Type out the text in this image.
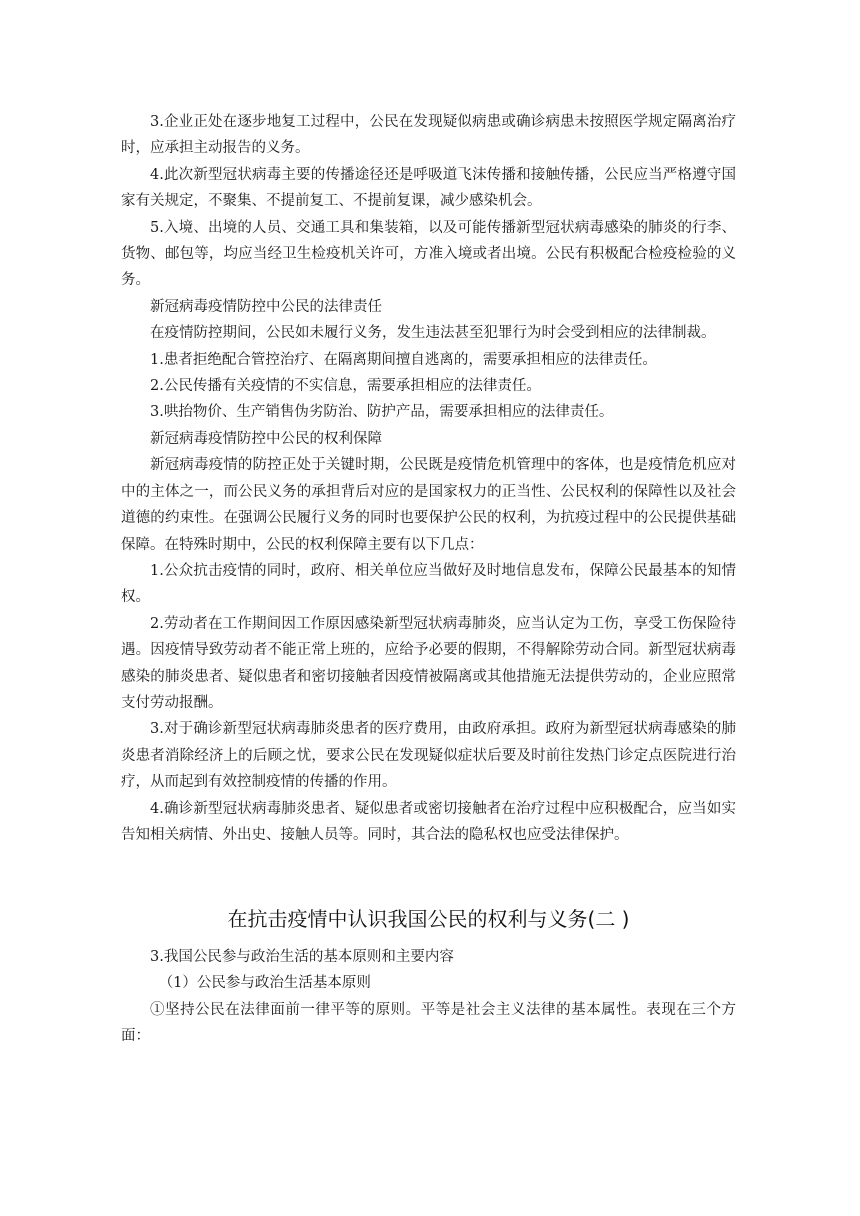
3.企业正处在逐步地复工过程中，公民在发现疑似病患或确诊病患未按照医学规定隔离治疗时，应承担主动报告的义务。

4.此次新型冠状病毒主要的传播途径还是呼吸道飞沫传播和接触传播，公民应当严格遵守国家有关规定，不聚集、不提前复工、不提前复课，减少感染机会。

5.入境、出境的人员、交通工具和集装箱，以及可能传播新型冠状病毒感染的肺炎的行李、货物、邮包等，均应当经卫生检疫机关许可，方准入境或者出境。公民有积极配合检疫检验的义务。

新冠病毒疫情防控中公民的法律责任

在疫情防控期间，公民如未履行义务，发生违法甚至犯罪行为时会受到相应的法律制裁。

1.患者拒绝配合管控治疗、在隔离期间擅自逃离的，需要承担相应的法律责任。

2.公民传播有关疫情的不实信息，需要承担相应的法律责任。

3.哄抬物价、生产销售伪劣防治、防护产品，需要承担相应的法律责任。

新冠病毒疫情防控中公民的权利保障

新冠病毒疫情的防控正处于关键时期，公民既是疫情危机管理中的客体，也是疫情危机应对中的主体之一，而公民义务的承担背后对应的是国家权力的正当性、公民权利的保障性以及社会道德的约束性。在强调公民履行义务的同时也要保护公民的权利，为抗疫过程中的公民提供基础保障。在特殊时期中，公民的权利保障主要有以下几点：

1.公众抗击疫情的同时，政府、相关单位应当做好及时地信息发布，保障公民最基本的知情权。

2.劳动者在工作期间因工作原因感染新型冠状病毒肺炎，应当认定为工伤，享受工伤保险待遇。因疫情导致劳动者不能正常上班的，应给予必要的假期，不得解除劳动合同。新型冠状病毒感染的肺炎患者、疑似患者和密切接触者因疫情被隔离或其他措施无法提供劳动的，企业应照常支付劳动报酬。

3.对于确诊新型冠状病毒肺炎患者的医疗费用，由政府承担。政府为新型冠状病毒感染的肺炎患者消除经济上的后顾之忧，要求公民在发现疑似症状后要及时前往发热门诊定点医院进行治疗，从而起到有效控制疫情的传播的作用。

4.确诊新型冠状病毒肺炎患者、疑似患者或密切接触者在治疗过程中应积极配合，应当如实告知相关病情、外出史、接触人员等。同时，其合法的隐私权也应受法律保护。

在抗击疫情中认识我国公民的权利与义务(二 )

3.我国公民参与政治生活的基本原则和主要内容

（1）公民参与政治生活基本原则

①坚持公民在法律面前一律平等的原则。平等是社会主义法律的基本属性。表现在三个方面：
